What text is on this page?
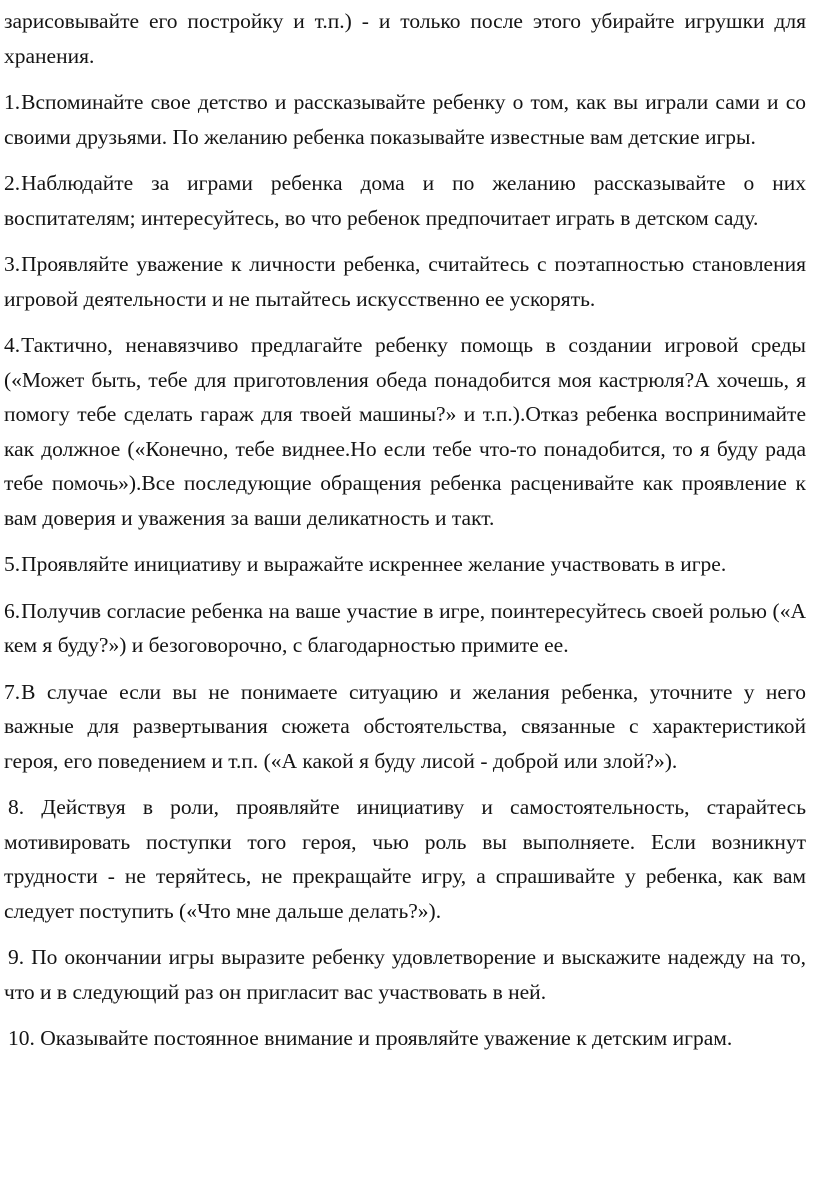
зарисовывайте его постройку и т.п.) - и только после этого убирайте игрушки для хранения.

1.Вспоминайте свое детство и рассказывайте ребенку о том, как вы играли сами и со своими друзьями. По желанию ребенка показывайте известные вам детские игры.

2.Наблюдайте за играми ребенка дома и по желанию рассказывайте о них воспитателям; интересуйтесь, во что ребенок предпочитает играть в детском саду.

3.Проявляйте уважение к личности ребенка, считайтесь с поэтапностью становления игровой деятельности и не пытайтесь искусственно ее ускорять.

4.Тактично, ненавязчиво предлагайте ребенку помощь в создании игровой среды («Может быть, тебе для приготовления обеда понадобится моя кастрюля?А хочешь, я помогу тебе сделать гараж для твоей машины?» и т.п.).Отказ ребенка воспринимайте как должное («Конечно, тебе виднее.Но если тебе что-то понадобится, то я буду рада тебе помочь»).Все последующие обращения ребенка расценивайте как проявление к вам доверия и уважения за ваши деликатность и такт.

5.Проявляйте инициативу и выражайте искреннее желание участвовать в игре.

6.Получив согласие ребенка на ваше участие в игре, поинтересуйтесь своей ролью («А кем я буду?») и безоговорочно, с благодарностью примите ее.

7.В случае если вы не понимаете ситуацию и желания ребенка, уточните у него важные для развертывания сюжета обстоятельства, связанные с характеристикой героя, его поведением и т.п. («А какой я буду лисой - доброй или злой?»).

8. Действуя в роли, проявляйте инициативу и самостоятельность, старайтесь мотивировать поступки того героя, чью роль вы выполняете. Если возникнут трудности - не теряйтесь, не прекращайте игру, а спрашивайте у ребенка, как вам следует поступить («Что мне дальше делать?»).

9. По окончании игры выразите ребенку удовлетворение и выскажите надежду на то, что и в следующий раз он пригласит вас участвовать в ней.

10. Оказывайте постоянное внимание и проявляйте уважение к детским играм.
